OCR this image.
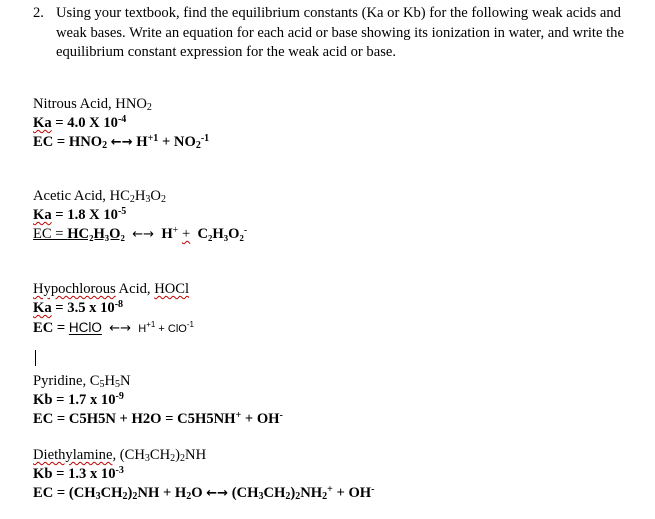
2. Using your textbook, find the equilibrium constants (Ka or Kb) for the following weak acids and weak bases. Write an equation for each acid or base showing its ionization in water, and write the equilibrium constant expression for the weak acid or base.
Nitrous Acid, $HNO_2$
Ka = 4.0 X $10^{-4}$
EC = $HNO_2$ ←→ $H^{+1} + NO_2^{-1}$
Acetic Acid, $HC_2H_3O_2$
Ka = 1.8 X $10^{-5}$
EC = HC₂H₃O₂ ←→ H+ + C₂H₃O₂-
Hypochlorous Acid, HOCl
Ka = 3.5 x $10^{-8}$
EC = HClO ←→ $H^{+1} + ClO^{-1}$
Pyridine, $C_5H_5N$
Kb = 1.7 x $10^{-9}$
EC = C5H5N + H2O = C5H5NH+ + OH-
Diethylamine, $(CH_3CH_2)_2NH$
Kb = 1.3 x $10^{-3}$
EC = $(CH_3CH_2)_2NH + H_2O$ ←→ $(CH_3CH_2)_2NH_2^+ + OH^-$
